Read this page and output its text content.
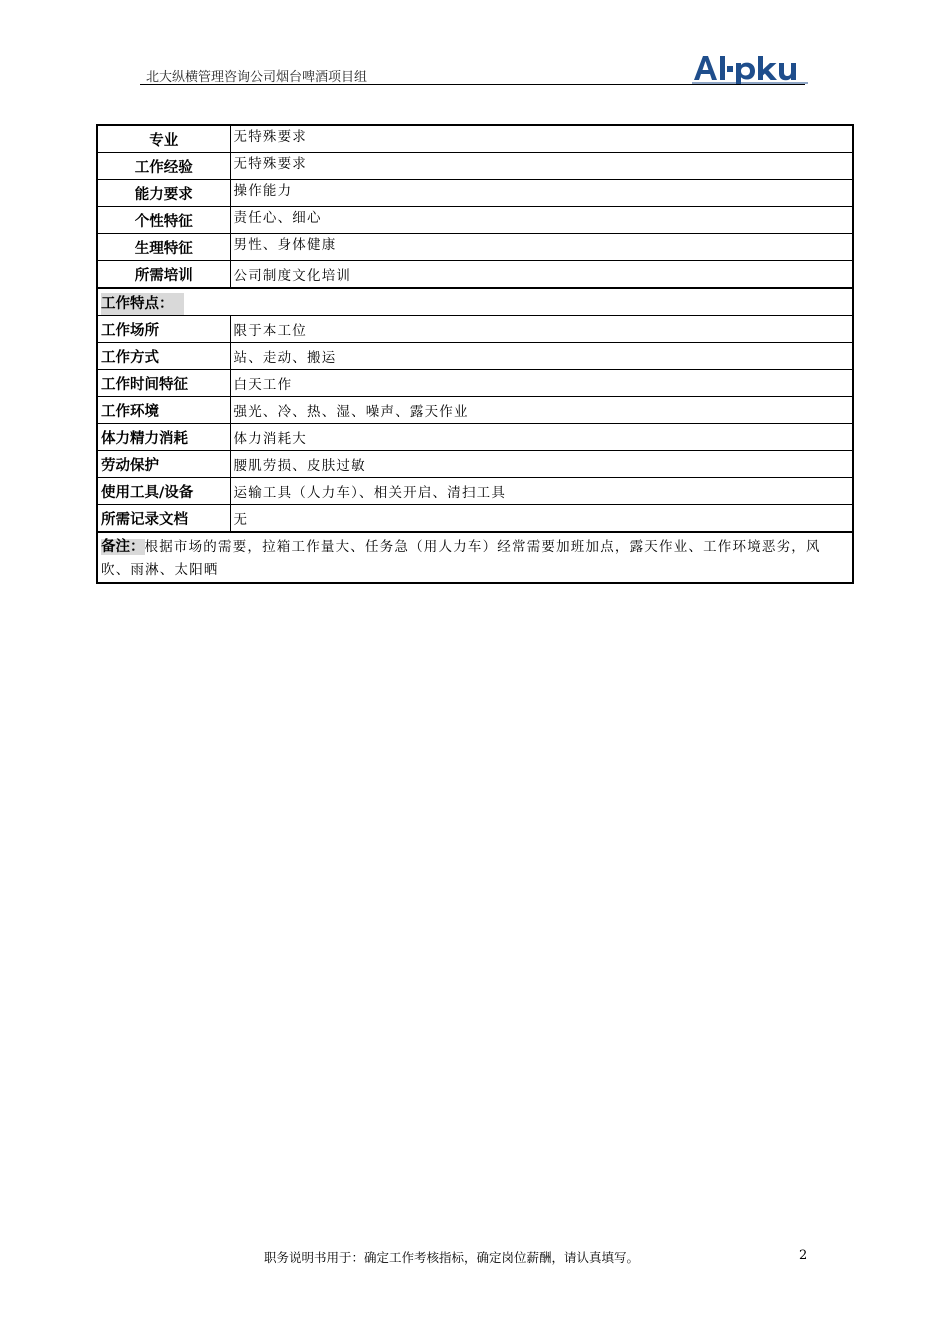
北大纵横管理咨询公司烟台啤酒项目组
专业	无特殊要求
工作经验	无特殊要求
能力要求	操作能力
个性特征	责任心、细心
生理特征	男性、身体健康
所需培训	公司制度文化培训
工作特点：	
工作场所	限于本工位
工作方式	站、走动、搬运
工作时间特征	白天工作
工作环境	强光、冷、热、湿、噪声、露天作业
体力精力消耗	体力消耗大
劳动保护	腰肌劳损、皮肤过敏
使用工具/设备	运输工具（人力车）、相关开启、清扫工具
所需记录文档	无
备注：根据市场的需要，拉箱工作量大、任务急（用人力车）经常需要加班加点，露天作业、工作环境恶劣，风吹、雨淋、太阳晒	
职务说明书用于：确定工作考核指标，确定岗位薪酬，请认真填写。	2
